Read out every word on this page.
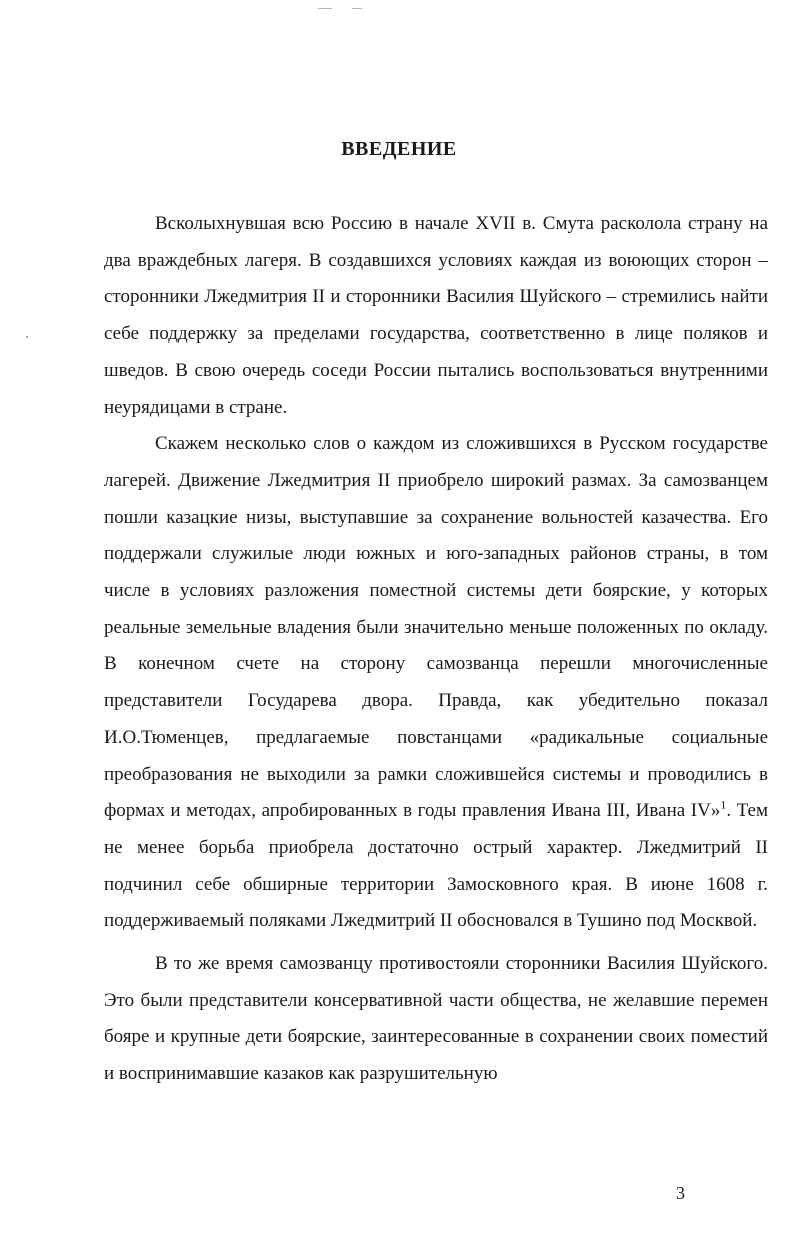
ВВЕДЕНИЕ

Всколыхнувшая всю Россию в начале XVII в. Смута расколола страну на два враждебных лагеря. В создавшихся условиях каждая из воюющих сторон – сторонники Лжедмитрия II и сторонники Василия Шуйского – стремились найти себе поддержку за пределами государства, соответственно в лице поляков и шведов. В свою очередь соседи России пытались воспользоваться внутренними неурядицами в стране.

Скажем несколько слов о каждом из сложившихся в Русском государстве лагерей. Движение Лжедмитрия II приобрело широкий размах. За самозванцем пошли казацкие низы, выступавшие за сохранение вольностей казачества. Его поддержали служилые люди южных и юго-западных районов страны, в том числе в условиях разложения поместной системы дети боярские, у которых реальные земельные владения были значительно меньше положенных по окладу. В конечном счете на сторону самозванца перешли многочисленные представители Государева двора. Правда, как убедительно показал И.О.Тюменцев, предлагаемые повстанцами «радикальные социальные преобразования не выходили за рамки сложившейся системы и проводились в формах и методах, апробированных в годы правления Ивана III, Ивана IV»$^1$. Тем не менее борьба приобрела достаточно острый характер. Лжедмитрий II подчинил себе обширные территории Замосковного края. В июне 1608 г. поддерживаемый поляками Лжедмитрий II обосновался в Тушино под Москвой.

В то же время самозванцу противостояли сторонники Василия Шуйского. Это были представители консервативной части общества, не желавшие перемен бояре и крупные дети боярские, заинтересованные в сохранении своих поместий и воспринимавшие казаков как разрушительную

3
